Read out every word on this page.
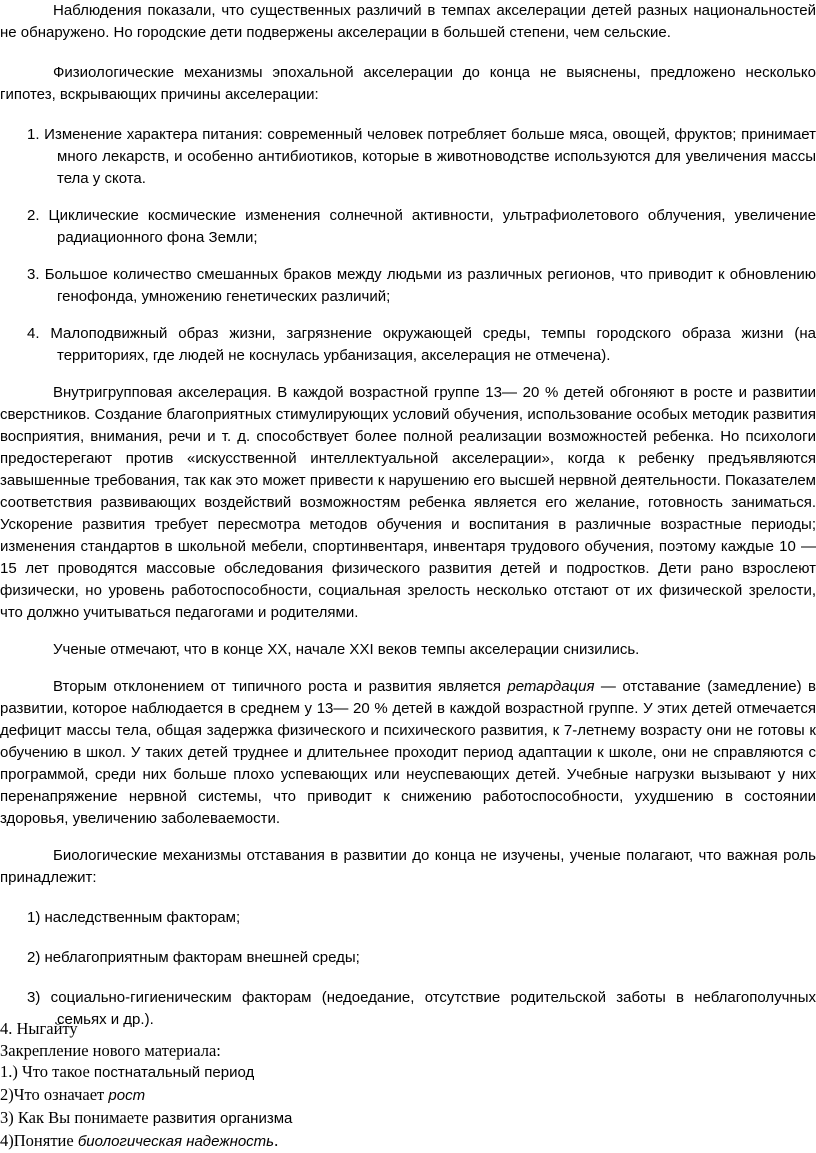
Наблюдения показали, что существенных различий в темпах акселерации детей разных национальностей не обнаружено. Но городские дети подвержены акселерации в большей степени, чем сельские.

Физиологические механизмы эпохальной акселерации до конца не выяснены, предложено несколько гипотез, вскрывающих причины акселерации:

1. Изменение характера питания: современный человек потребляет больше мяса, овощей, фруктов; принимает много лекарств, и особенно антибиотиков, которые в животноводстве используются для увеличения массы тела у скота.

2. Циклические космические изменения солнечной активности, ультрафиолетового облучения, увеличение радиационного фона Земли;

3. Большое количество смешанных браков между людьми из различных регионов, что приводит к обновлению генофонда, умножению генетических различий;

4. Малоподвижный образ жизни, загрязнение окружающей среды, темпы городского образа жизни (на территориях, где людей не коснулась урбанизация, акселерация не отмечена).

Внутригрупповая акселерация. В каждой возрастной группе 13— 20 % детей обгоняют в росте и развитии сверстников. Создание благоприятных стимулирующих условий обучения, использование особых методик развития восприятия, внимания, речи и т. д. способствует более полной реализации возможностей ребенка. Но психологи предостерегают против «искусственной интеллектуальной акселерации», когда к ребенку предъявляются завышенные требования, так как это может привести к нарушению его высшей нервной деятельности. Показателем соответствия развивающих воздействий возможностям ребенка является его желание, готовность заниматься. Ускорение развития требует пересмотра методов обучения и воспитания в различные возрастные периоды; изменения стандартов в школьной мебели, спортинвентаря, инвентаря трудового обучения, поэтому каждые 10 — 15 лет проводятся массовые обследования физического развития детей и подростков. Дети рано взрослеют физически, но уровень работоспособности, социальная зрелость несколько отстают от их физической зрелости, что должно учитываться педагогами и родителями.

Ученые отмечают, что в конце XX, начале XXI веков темпы акселерации снизились.

Вторым отклонением от типичного роста и развития является ретардация — отставание (замедление) в развитии, которое наблюдается в среднем у 13— 20 % детей в каждой возрастной группе. У этих детей отмечается дефицит массы тела, общая задержка физического и психического развития, к 7-летнему возрасту они не готовы к обучению в школ. У таких детей труднее и длительнее проходит период адаптации к школе, они не справляются с программой, среди них больше плохо успевающих или неуспевающих детей. Учебные нагрузки вызывают у них перенапряжение нервной системы, что приводит к снижению работоспособности, ухудшению в состоянии здоровья, увеличению заболеваемости.

Биологические механизмы отставания в развитии до конца не изучены, ученые полагают, что важная роль принадлежит:

1) наследственным факторам;

2) неблагоприятным факторам внешней среды;

3) социально-гигиеническим факторам (недоедание, отсутствие родительской заботы в неблагополучных семьях и др.).

4. Ныгайту

Закрепление нового материала:

1.) Что такое постнатальный период

2)Что означает рост

3) Как Вы понимаете развития организма

4)Понятие биологическая надежность.
